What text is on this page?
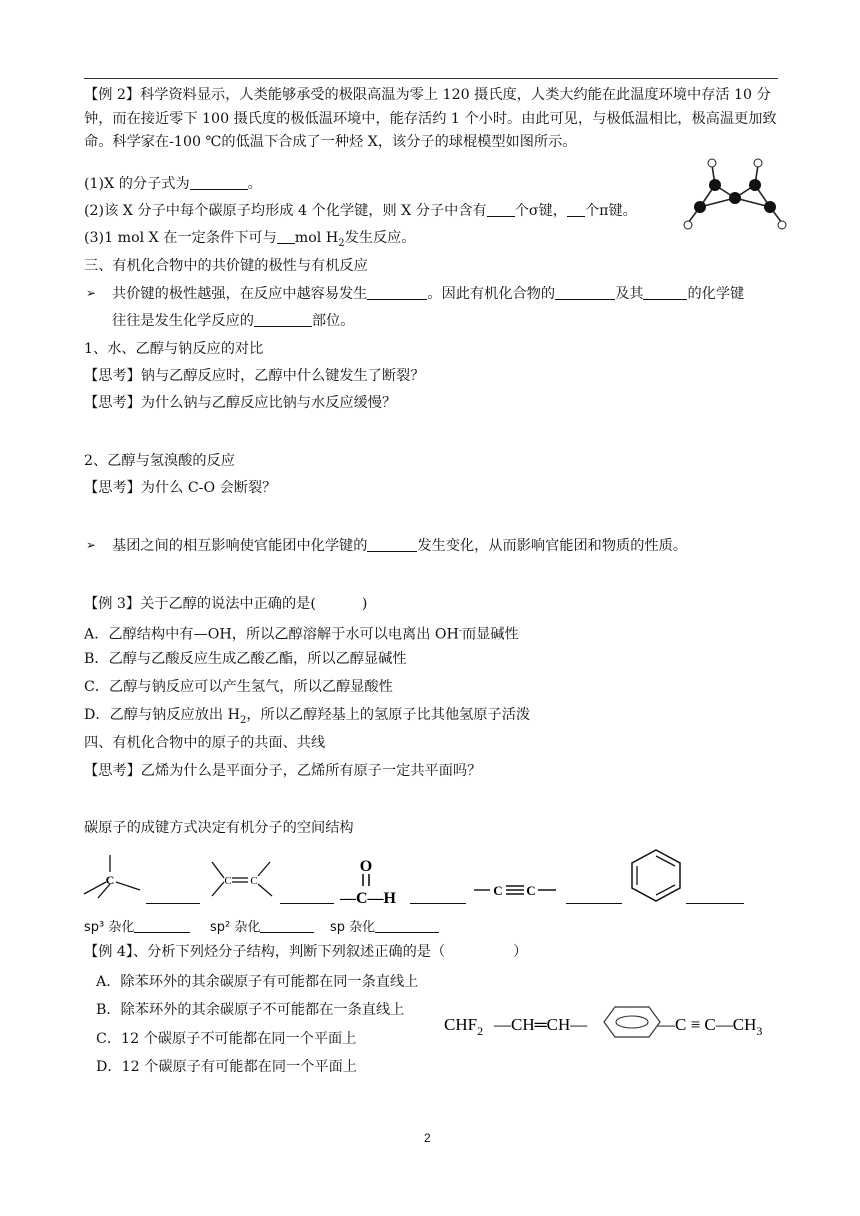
【例 2】科学资料显示，人类能够承受的极限高温为零上 120 摄氏度，人类大约能在此温度环境中存活 10 分钟，而在接近零下 100 摄氏度的极低温环境中，能存活约 1 个小时。由此可见，与极低温相比，极高温更加致命。科学家在-100 ℃的低温下合成了一种烃 X，该分子的球棍模型如图所示。
(1)X 的分子式为	。
(2)该 X 分子中每个碳原子均形成 4 个化学键，则 X 分子中含有 个σ键， 个π键。
(3)1 mol X 在一定条件下可与 mol $H_2$发生反应。
三、有机化合物中的共价键的极性与有机反应
➢ 共价键的极性越强，在反应中越容易发生	。因此有机化合物的	及其	的化学键
往往是发生化学反应的	部位。
1、水、乙醇与钠反应的对比
【思考】钠与乙醇反应时，乙醇中什么键发生了断裂？
【思考】为什么钠与乙醇反应比钠与水反应缓慢？
2、乙醇与氢溴酸的反应
【思考】为什么 C-O 会断裂？
➢ 基团之间的相互影响使官能团中化学键的	发生变化，从而影响官能团和物质的性质。
【例 3】关于乙醇的说法中正确的是(	)
A．乙醇结构中有—OH，所以乙醇溶解于水可以电离出 OH-而显碱性
B．乙醇与乙酸反应生成乙酸乙酯，所以乙醇显碱性
C．乙醇与钠反应可以产生氢气，所以乙醇显酸性
D．乙醇与钠反应放出 $H_2$，所以乙醇羟基上的氢原子比其他氢原子活泼
四、有机化合物中的原子的共面、共线
【思考】乙烯为什么是平面分子，乙烯所有原子一定共平面吗？
碳原子的成键方式决定有机分子的空间结构
C	C C
O
—C—H	C C
sp³ 杂化	sp² 杂化	sp 杂化
【例 4】、分析下列烃分子结构，判断下列叙述正确的是（	）
A．除苯环外的其余碳原子有可能都在同一条直线上
B．除苯环外的其余碳原子不可能都在一条直线上
C．12 个碳原子不可能都在同一个平面上
D．12 个碳原子有可能都在同一个平面上
$CHF_2$ —CH═CH—	—C ≡ $C—CH_3$
2
